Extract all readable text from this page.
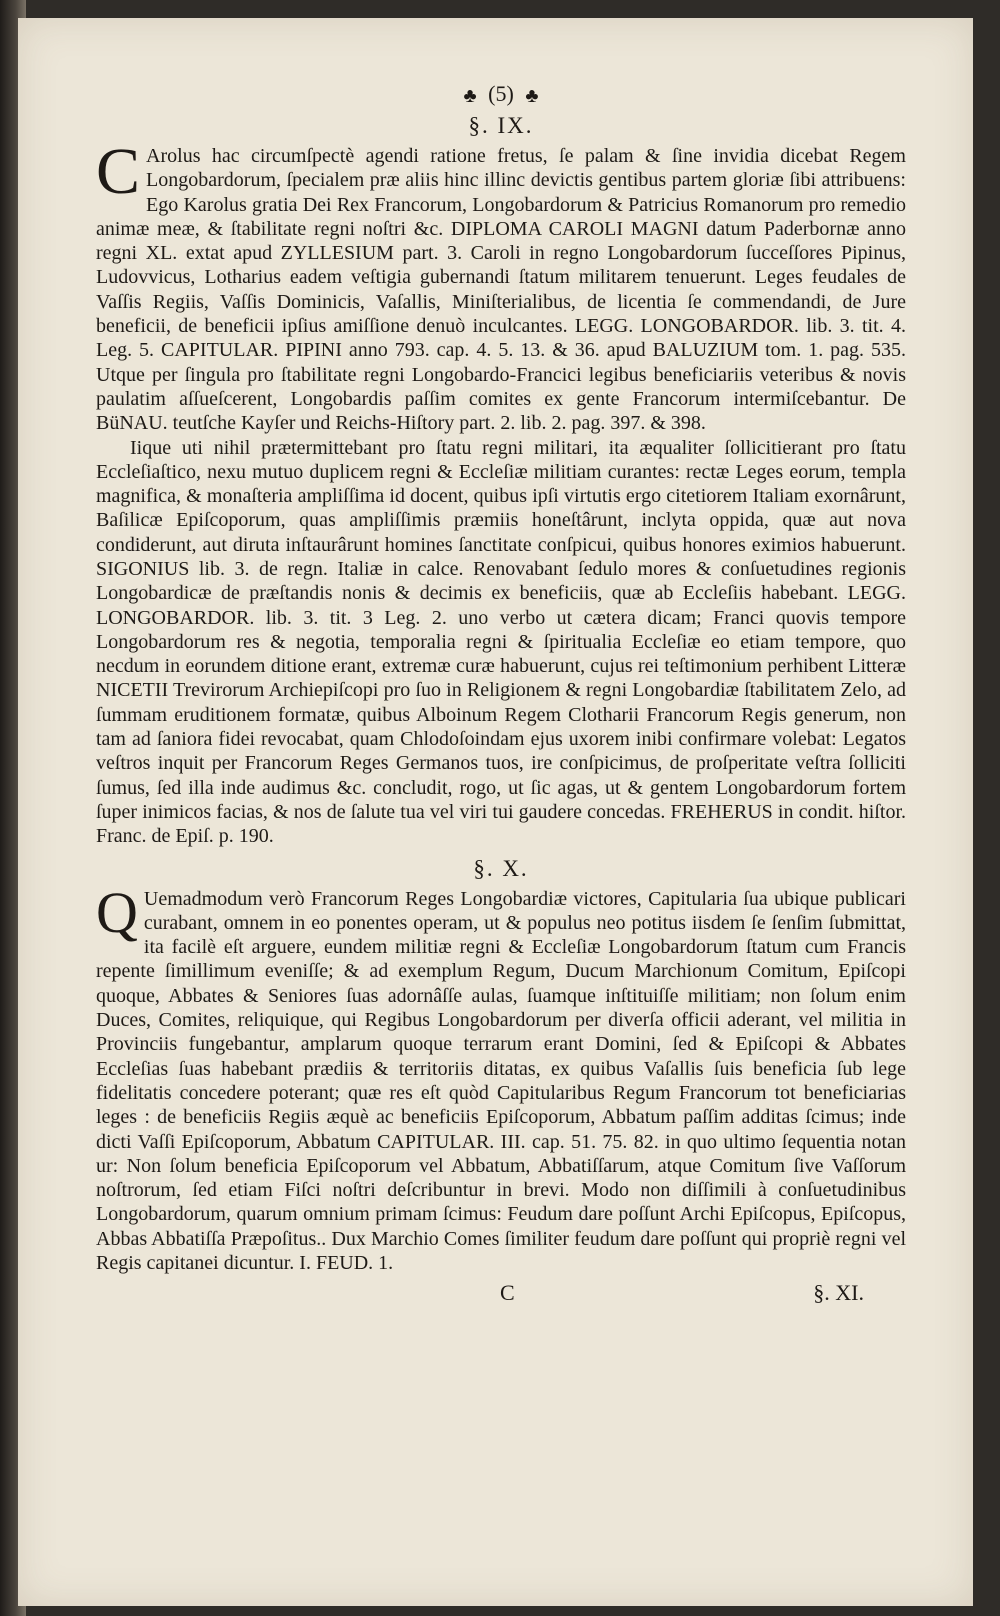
♣ (5) ♣
§. IX.

C Arolus hac circumſpectè agendi ratione fretus, ſe palam & ſine invidia dicebat Regem Longobardorum, ſpecialem præ aliis hinc illinc devictis gentibus partem gloriæ ſibi attribuens: Ego Karolus gratia Dei Rex Francorum, Longobardorum & Patricius Romanorum pro remedio animæ meæ, & ſtabilitate regni noſtri &c. DIPLOMA CAROLI MAGNI datum Paderbornæ anno regni XL. extat apud ZYLLESIUM part. 3. Caroli in regno Longobardorum ſucceſſores Pipinus, Ludovvicus, Lotharius eadem veſtigia gubernandi ſtatum militarem tenuerunt. Leges feudales de Vaſſis Regiis, Vaſſis Dominicis, Vaſallis, Miniſterialibus, de licentia ſe commendandi, de Jure beneficii, de beneficii ipſius amiſſione denuò inculcantes. LEGG. LONGOBARDOR. lib. 3. tit. 4. Leg. 5. CAPITULAR. PIPINI anno 793. cap. 4. 5. 13. & 36. apud BALUZIUM tom. 1. pag. 535. Utque per ſingula pro ſtabilitate regni Longobardo-Francici legibus beneficiariis veteribus & novis paulatim aſſueſcerent, Longobardis paſſim comites ex gente Francorum intermiſcebantur. De BüNAU. teutſche Kayſer und Reichs-Hiſtory part. 2. lib. 2. pag. 397. & 398.

Iique uti nihil prætermittebant pro ſtatu regni militari, ita æqualiter ſollicitierant pro ſtatu Eccleſiaſtico, nexu mutuo duplicem regni & Eccleſiæ militiam curantes: rectæ Leges eorum, templa magnifica, & monaſteria ampliſſima id docent, quibus ipſi virtutis ergo citetiorem Italiam exornârunt, Baſilicæ Epiſcoporum, quas ampliſſimis præmiis honeſtârunt, inclyta oppida, quæ aut nova condiderunt, aut diruta inſtaurârunt homines ſanctitate conſpicui, quibus honores eximios habuerunt. SIGONIUS lib. 3. de regn. Italiæ in calce. Renovabant ſedulo mores & conſuetudines regionis Longobardicæ de præſtandis nonis & decimis ex beneficiis, quæ ab Eccleſiis habebant. LEGG. LONGOBARDOR. lib. 3. tit. 3 Leg. 2. uno verbo ut cætera dicam; Franci quovis tempore Longobardorum res & negotia, temporalia regni & ſpiritualia Eccleſiæ eo etiam tempore, quo necdum in eorundem ditione erant, extremæ curæ habuerunt, cujus rei teſtimonium perhibent Litteræ NICETII Trevirorum Archiepiſcopi pro ſuo in Religionem & regni Longobardiæ ſtabilitatem Zelo, ad ſummam eruditionem formatæ, quibus Alboinum Regem Clotharii Francorum Regis generum, non tam ad ſaniora fidei revocabat, quam Chlodoſoindam ejus uxorem inibi confirmare volebat: Legatos veſtros inquit per Francorum Reges Germanos tuos, ire conſpicimus, de proſperitate veſtra ſolliciti ſumus, ſed illa inde audimus &c. concludit, rogo, ut ſic agas, ut & gentem Longobardorum fortem ſuper inimicos facias, & nos de ſalute tua vel viri tui gaudere concedas. FREHERUS in condit. hiſtor. Franc. de Epiſ. p. 190.

§. X.

Q Uemadmodum verò Francorum Reges Longobardiæ victores, Capitularia ſua ubique publicari curabant, omnem in eo ponentes operam, ut & populus neo potitus iisdem ſe ſenſim ſubmittat, ita facilè eſt arguere, eundem militiæ regni & Eccleſiæ Longobardorum ſtatum cum Francis repente ſimillimum eveniſſe; & ad exemplum Regum, Ducum Marchionum Comitum, Epiſcopi quoque, Abbates & Seniores ſuas adornâſſe aulas, ſuamque inſtituiſſe militiam; non ſolum enim Duces, Comites, reliquique, qui Regibus Longobardorum per diverſa officii aderant, vel militia in Provinciis fungebantur, amplarum quoque terrarum erant Domini, ſed & Epiſcopi & Abbates Eccleſias ſuas habebant prædiis & territoriis ditatas, ex quibus Vaſallis ſuis beneficia ſub lege fidelitatis concedere poterant; quæ res eſt quòd Capitularibus Regum Francorum tot beneficiarias leges : de beneficiis Regiis æquè ac beneficiis Epiſcoporum, Abbatum paſſim additas ſcimus; inde dicti Vaſſi Epiſcoporum, Abbatum CAPITULAR. III. cap. 51. 75. 82. in quo ultimo ſequentia notan ur: Non ſolum beneficia Epiſcoporum vel Abbatum, Abbatiſſarum, atque Comitum ſive Vaſſorum noſtrorum, ſed etiam Fiſci noſtri deſcribuntur in brevi. Modo non diſſimili à conſuetudinibus Longobardorum, quarum omnium primam ſcimus: Feudum dare poſſunt Archi Epiſcopus, Epiſcopus, Abbas Abbatiſſa Præpoſitus.. Dux Marchio Comes ſimiliter feudum dare poſſunt qui propriè regni vel Regis capitanei dicuntur. I. FEUD. 1.

C	§. XI.
